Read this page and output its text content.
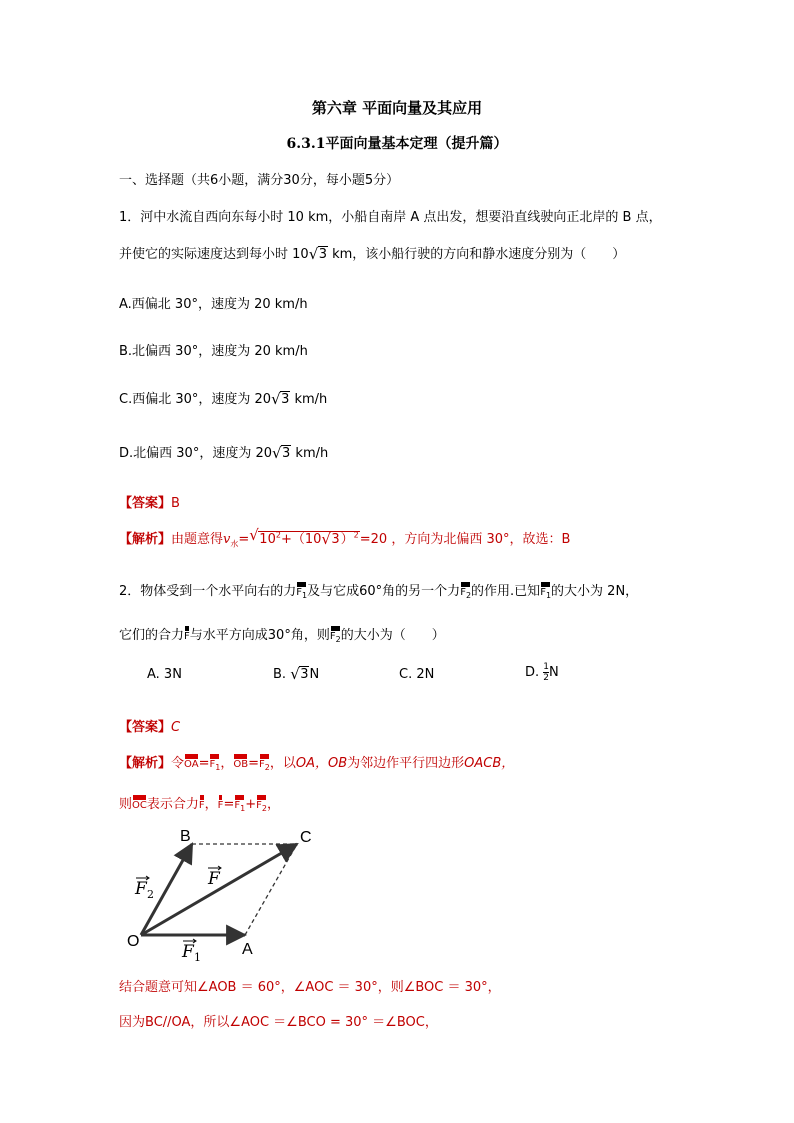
第六章 平面向量及其应用
6.3.1平面向量基本定理（提升篇）
一、选择题（共6小题，满分30分，每小题5分）
1．河中水流自西向东每小时 10 km，小船自南岸 A 点出发，想要沿直线驶向正北岸的 B 点，
并使它的实际速度达到每小时 10√ 3 km，该小船行驶的方向和静水速度分别为（　　）
A.西偏北 30°，速度为 20 km/h
B.北偏西 30°，速度为 20 km/h
C.西偏北 30°，速度为 20√ 3 km/h
D.北偏西 30°，速度为 20√ 3 km/h
【答案】B
【解析】由题意得$v_水=√$ $10^2+(10√$ 3）$^2$=20 ，方向为北偏西 30°，故选：B
2．物体受到一个水平向右的力$F_1$及与它成60°角的另一个力$F_2$的作用.已知$F_1$的大小为 2N，
它们的合力F与水平方向成30°角，则$F_2$的大小为（　　）
A. 3N	B. √ 3N	C. 2N	D. $\frac{1}{2}$ N
【答案】C
【解析】令$OA=F_1$，$OB=F_2$，以OA，OB为邻边作平行四边形OACB，
则OC表示合力F，$F=F_1+F_2$，
O	A
B	C
F 2
F
F 1
结合题意可知∠AOB ＝ 60°，∠AOC ＝ 30°，则∠BOC ＝ 30°，
因为BC//OA，所以∠AOC ＝∠BCO = 30° ＝∠BOC，
